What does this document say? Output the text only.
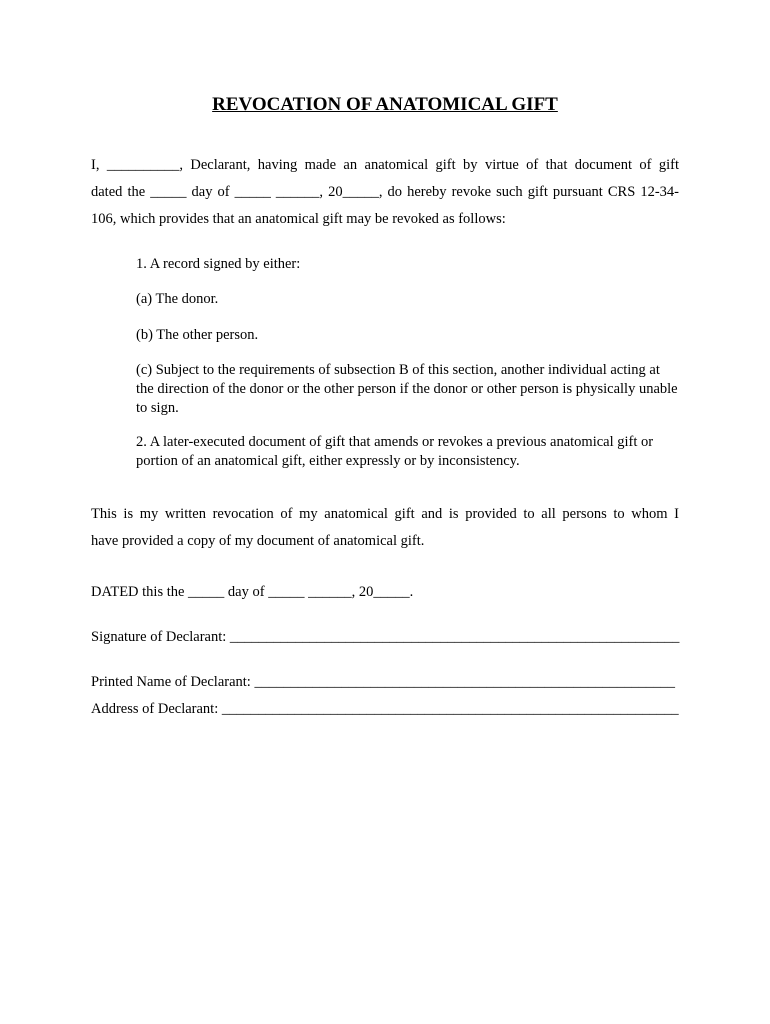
REVOCATION OF ANATOMICAL GIFT
I, __________, Declarant, having made an anatomical gift by virtue of that document of gift
dated the _____ day of _____ ______, 20_____, do hereby revoke such gift pursuant CRS 12-34-
106, which provides that an anatomical gift may be revoked as follows:

1. A record signed by either:

(a) The donor.

(b) The other person.

(c) Subject to the requirements of subsection B of this section, another individual acting at the direction of the donor or the other person if the donor or other person is physically unable to sign.

2. A later-executed document of gift that amends or revokes a previous anatomical gift or portion of an anatomical gift, either expressly or by inconsistency.

This is my written revocation of my anatomical gift and is provided to all persons to whom I
have provided a copy of my document of anatomical gift.

DATED this the _____ day of _____ ______, 20_____.

Signature of Declarant: ______________________________________________________________

Printed Name of Declarant: __________________________________________________________

Address of Declarant: _______________________________________________________________
